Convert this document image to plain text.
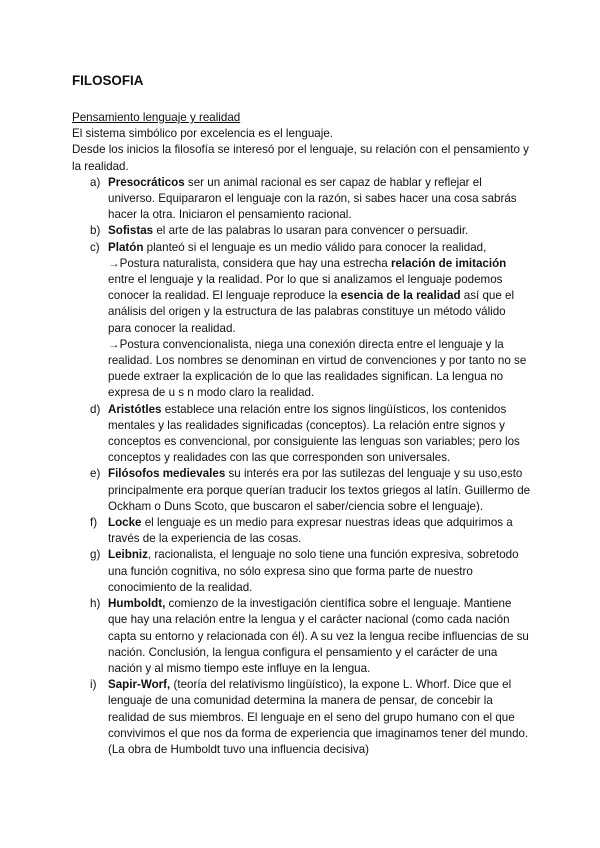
FILOSOFIA

Pensamiento lenguaje y realidad

El sistema simbólico por excelencia es el lenguaje.

Desde los inicios la filosofía se interesó por el lenguaje, su relación con el pensamiento y la realidad.

a) Presocráticos ser un animal racional es ser capaz de hablar y reflejar el universo. Equipararon el lenguaje con la razón, si sabes hacer una cosa sabrás hacer la otra. Iniciaron el pensamiento racional.
b) Sofistas el arte de las palabras lo usaran para convencer o persuadir.
c) Platón planteó si el lenguaje es un medio válido para conocer la realidad,
→Postura naturalista, considera que hay una estrecha relación de imitación entre el lenguaje y la realidad. Por lo que si analizamos el lenguaje podemos conocer la realidad. El lenguaje reproduce la esencia de la realidad así que el análisis del origen y la estructura de las palabras constituye un método válido para conocer la realidad.
→Postura convencionalista, niega una conexión directa entre el lenguaje y la realidad. Los nombres se denominan en virtud de convenciones y por tanto no se puede extraer la explicación de lo que las realidades significan. La lengua no expresa de u s n modo claro la realidad.
d) Aristótles establece una relación entre los signos lingüísticos, los contenidos mentales y las realidades significadas (conceptos). La relación entre signos y conceptos es convencional, por consiguiente las lenguas son variables; pero los conceptos y realidades con las que corresponden son universales.
e) Filósofos medievales su interés era por las sutilezas del lenguaje y su uso,esto principalmente era porque querían traducir los textos griegos al latín. Guillermo de Ockham o Duns Scoto, que buscaron el saber/ciencia sobre el lenguaje).
f) Locke el lenguaje es un medio para expresar nuestras ideas que adquirimos a través de la experiencia de las cosas.
g) Leibniz, racionalista, el lenguaje no solo tiene una función expresiva, sobretodo una función cognitiva, no sólo expresa sino que forma parte de nuestro conocimiento de la realidad.
h) Humboldt, comienzo de la investigación científica sobre el lenguaje. Mantiene que hay una relación entre la lengua y el carácter nacional (como cada nación capta su entorno y relacionada con él). A su vez la lengua recibe influencias de su nación. Conclusión, la lengua configura el pensamiento y el carácter de una nación y al mismo tiempo este influye en la lengua.
i) Sapir-Worf, (teoría del relativismo lingüístico), la expone L. Whorf. Dice que el lenguaje de una comunidad determina la manera de pensar, de concebir la realidad de sus miembros. El lenguaje en el seno del grupo humano con el que convivimos el que nos da forma de experiencia que imaginamos tener del mundo. (La obra de Humboldt tuvo una influencia decisiva)
